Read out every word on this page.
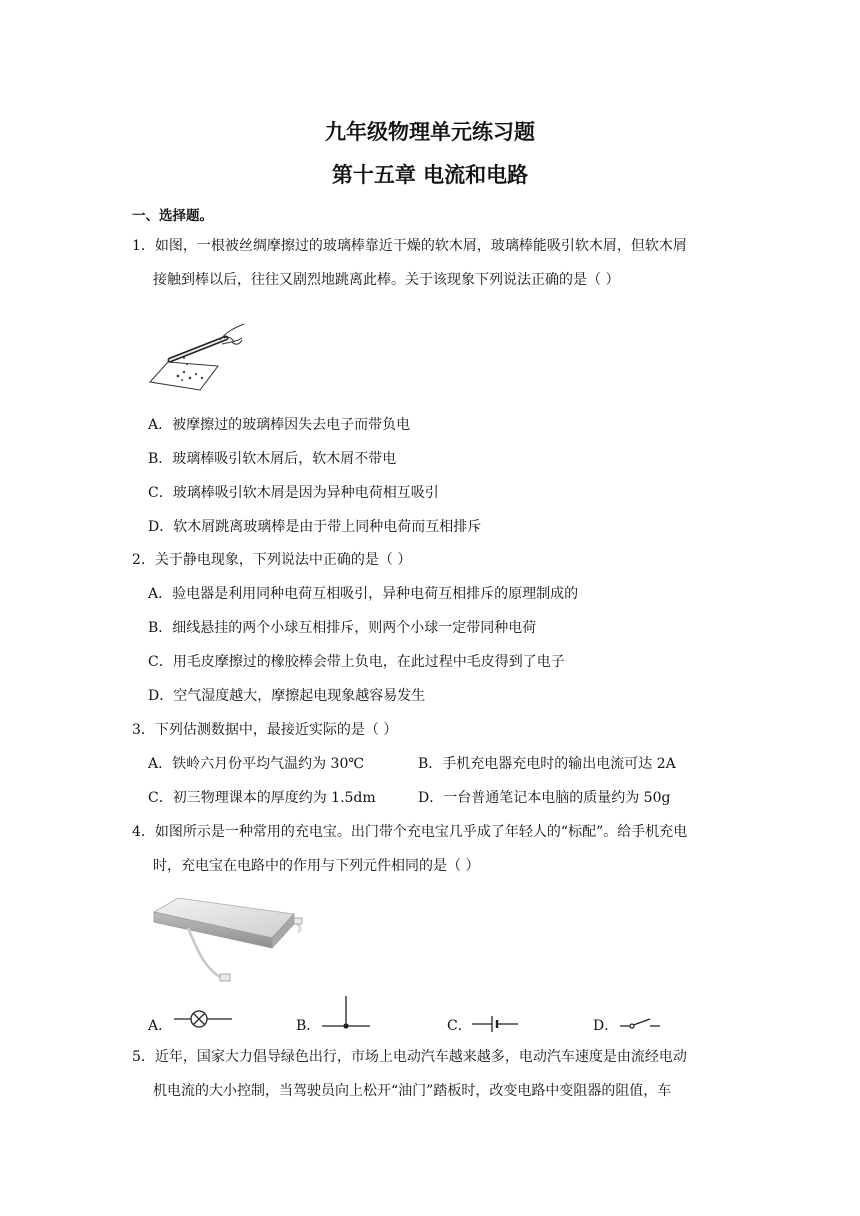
九年级物理单元练习题
第十五章 电流和电路
一、选择题。
1．如图，一根被丝绸摩擦过的玻璃棒靠近干燥的软木屑，玻璃棒能吸引软木屑，但软木屑
接触到棒以后，往往又剧烈地跳离此棒。关于该现象下列说法正确的是（ ）
A．被摩擦过的玻璃棒因失去电子而带负电
B．玻璃棒吸引软木屑后，软木屑不带电
C．玻璃棒吸引软木屑是因为异种电荷相互吸引
D．软木屑跳离玻璃棒是由于带上同种电荷而互相排斥
2．关于静电现象，下列说法中正确的是（ ）
A．验电器是利用同种电荷互相吸引，异种电荷互相排斥的原理制成的
B．细线悬挂的两个小球互相排斥，则两个小球一定带同种电荷
C．用毛皮摩擦过的橡胶棒会带上负电，在此过程中毛皮得到了电子
D．空气湿度越大，摩擦起电现象越容易发生
3．下列估测数据中，最接近实际的是（ ）
A．铁岭六月份平均气温约为 30℃	B．手机充电器充电时的输出电流可达 2A
C．初三物理课本的厚度约为 1.5dm	D．一台普通笔记本电脑的质量约为 50g
4．如图所示是一种常用的充电宝。出门带个充电宝几乎成了年轻人的“标配”。给手机充电
时，充电宝在电路中的作用与下列元件相同的是（ ）
A．	B．	C．	D．
5．近年，国家大力倡导绿色出行，市场上电动汽车越来越多，电动汽车速度是由流经电动
机电流的大小控制，当驾驶员向上松开“油门”踏板时，改变电路中变阻器的阻值，车
